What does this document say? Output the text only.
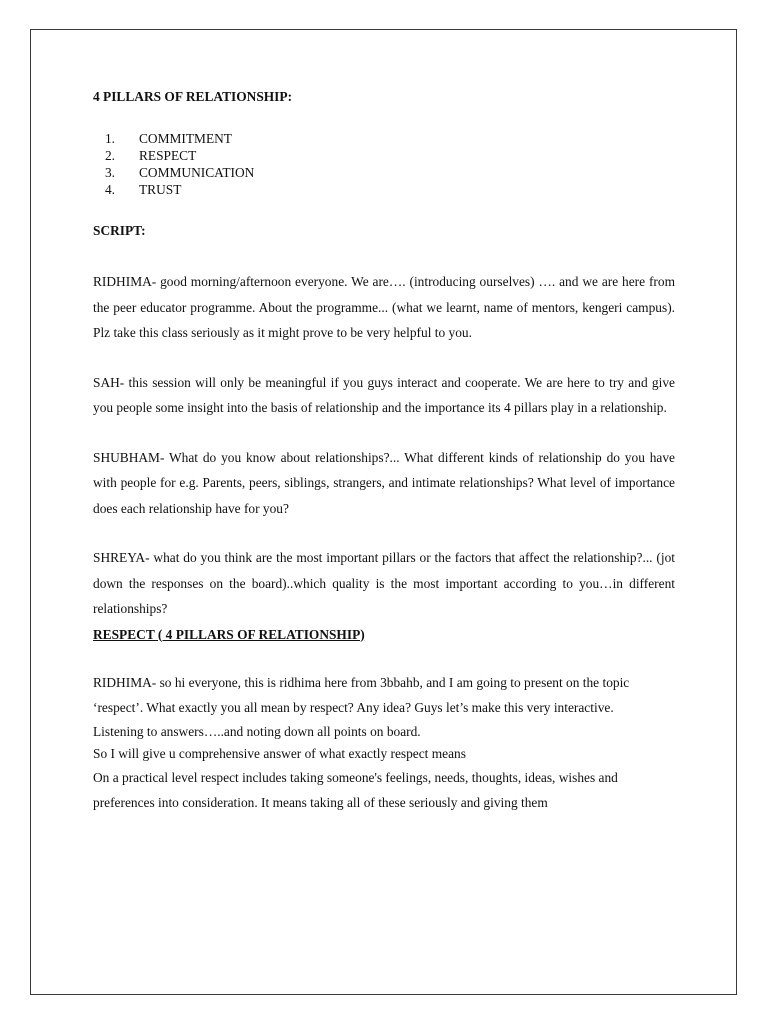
4 PILLARS OF RELATIONSHIP:

1. COMMITMENT
2. RESPECT
3. COMMUNICATION
4. TRUST

SCRIPT:

RIDHIMA- good morning/afternoon everyone. We are…. (introducing ourselves) …. and we are here from the peer educator programme. About the programme... (what we learnt, name of mentors, kengeri campus). Plz take this class seriously as it might prove to be very helpful to you.

SAH- this session will only be meaningful if you guys interact and cooperate. We are here to try and give you people some insight into the basis of relationship and the importance its 4 pillars play in a relationship.

SHUBHAM- What do you know about relationships?... What different kinds of relationship do you have with people for e.g. Parents, peers, siblings, strangers, and intimate relationships? What level of importance does each relationship have for you?

SHREYA- what do you think are the most important pillars or the factors that affect the relationship?... (jot down the responses on the board)..which quality is the most important according to you…in different relationships?

RESPECT ( 4 PILLARS OF RELATIONSHIP)

RIDHIMA- so hi everyone, this is ridhima here from 3bbahb, and I am going to present on the topic ‘respect’. What exactly you all mean by respect? Any idea? Guys let’s make this very interactive.

Listening to answers…..and noting down all points on board.

So I will give u comprehensive answer of what exactly respect means

On a practical level respect includes taking someone's feelings, needs, thoughts, ideas, wishes and preferences into consideration. It means taking all of these seriously and giving them
